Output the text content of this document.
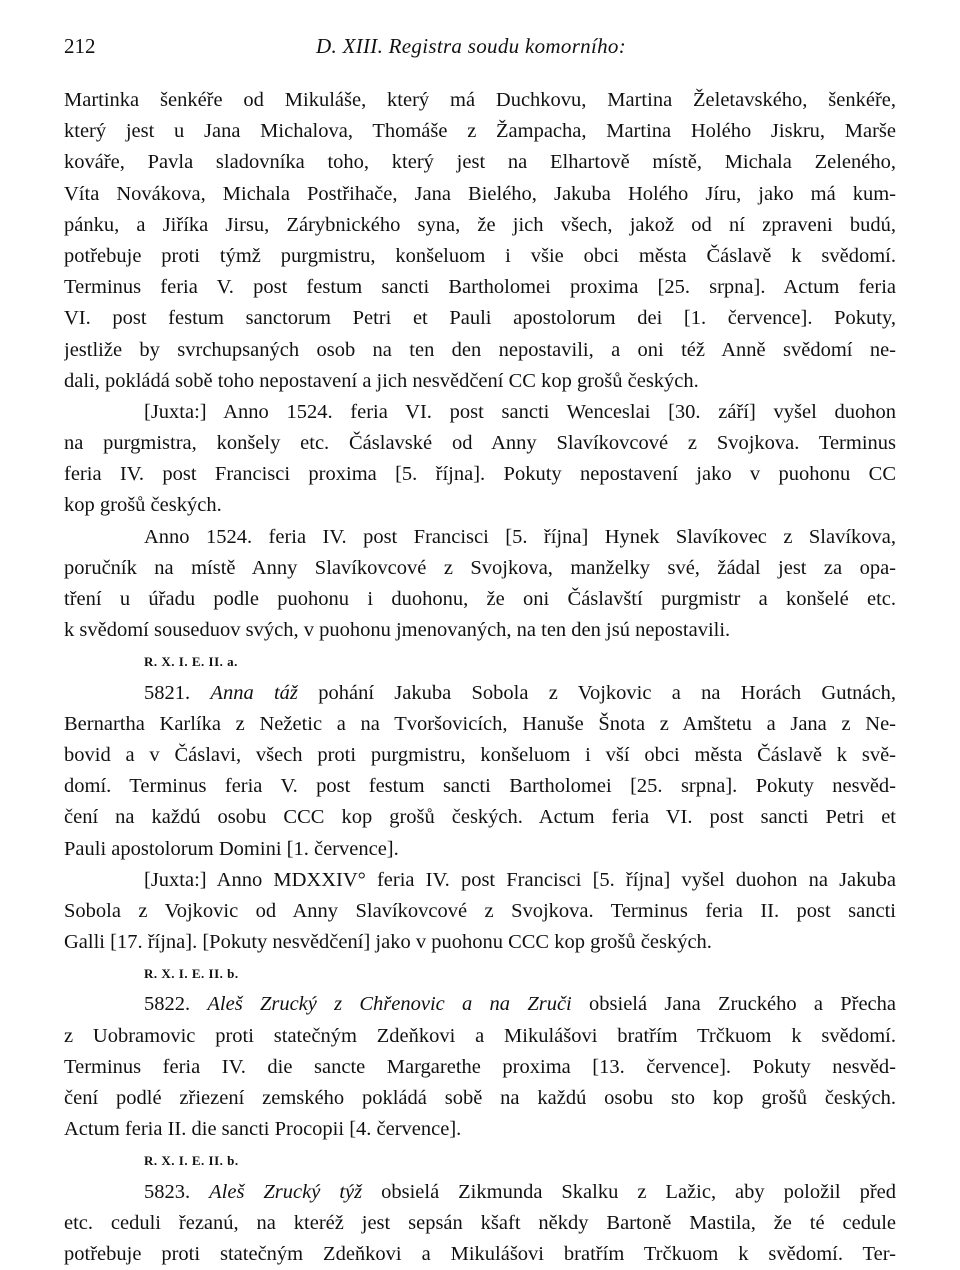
212	D. XIII. Registra soudu komorního:
Martinka šenkéře od Mikuláše, který má Duchkovu, Martina Želetavského, šenkéře,
který jest u Jana Michalova, Thomáše z Žampacha, Martina Holého Jiskru, Marše
kováře, Pavla sladovníka toho, který jest na Elhartově místě, Michala Zeleného,
Víta Novákova, Michala Postřihače, Jana Bielého, Jakuba Holého Jíru, jako má kum-
pánku, a Jiříka Jirsu, Zárybnického syna, že jich všech, jakož od ní zpraveni budú,
potřebuje proti týmž purgmistru, konšeluom i všie obci města Čáslavě k svědomí.
Terminus feria V. post festum sancti Bartholomei proxima [25. srpna]. Actum feria
VI. post festum sanctorum Petri et Pauli apostolorum dei [1. července]. Pokuty,
jestliže by svrchupsaných osob na ten den nepostavili, a oni též Anně svědomí ne-
dali, pokládá sobě toho nepostavení a jich nesvědčení CC kop grošů českých.
[Juxta:] Anno 1524. feria VI. post sancti Wenceslai [30. září] vyšel duohon
na purgmistra, konšely etc. Čáslavské od Anny Slavíkovcové z Svojkova. Terminus
feria IV. post Francisci proxima [5. října]. Pokuty nepostavení jako v puohonu CC
kop grošů českých.
Anno 1524. feria IV. post Francisci [5. října] Hynek Slavíkovec z Slavíkova,
poručník na místě Anny Slavíkovcové z Svojkova, manželky své, žádal jest za opa-
tření u úřadu podle puohonu i duohonu, že oni Čáslavští purgmistr a konšelé etc.
k svědomí souseduov svých, v puohonu jmenovaných, na ten den jsú nepostavili.
R. X. I. E. II. a.
5821. Anna táž pohání Jakuba Sobola z Vojkovic a na Horách Gutnách,
Bernartha Karlíka z Nežetic a na Tvoršovicích, Hanuše Šnota z Amštetu a Jana z Ne-
bovid a v Čáslavi, všech proti purgmistru, konšeluom i vší obci města Čáslavě k svě-
domí. Terminus feria V. post festum sancti Bartholomei [25. srpna]. Pokuty nesvěd-
čení na každú osobu CCC kop grošů českých. Actum feria VI. post sancti Petri et
Pauli apostolorum Domini [1. července].
[Juxta:] Anno MDXXIV° feria IV. post Francisci [5. října] vyšel duohon na Jakuba
Sobola z Vojkovic od Anny Slavíkovcové z Svojkova. Terminus feria II. post sancti
Galli [17. října]. [Pokuty nesvědčení] jako v puohonu CCC kop grošů českých.
R. X. I. E. II. b.
5822. Aleš Zrucký z Chřenovic a na Zruči obsielá Jana Zruckého a Přecha
z Uobramovic proti statečným Zdeňkovi a Mikulášovi bratřím Trčkuom k svědomí.
Terminus feria IV. die sancte Margarethe proxima [13. července]. Pokuty nesvěd-
čení podlé zřiezení zemského pokládá sobě na každú osobu sto kop grošů českých.
Actum feria II. die sancti Procopii [4. července].
R. X. I. E. II. b.
5823. Aleš Zrucký týž obsielá Zikmunda Skalku z Lažic, aby položil před
etc. ceduli řezanú, na kteréž jest sepsán kšaft někdy Bartoně Mastila, že té cedule
potřebuje proti statečným Zdeňkovi a Mikulášovi bratřím Trčkuom k svědomí. Ter-
